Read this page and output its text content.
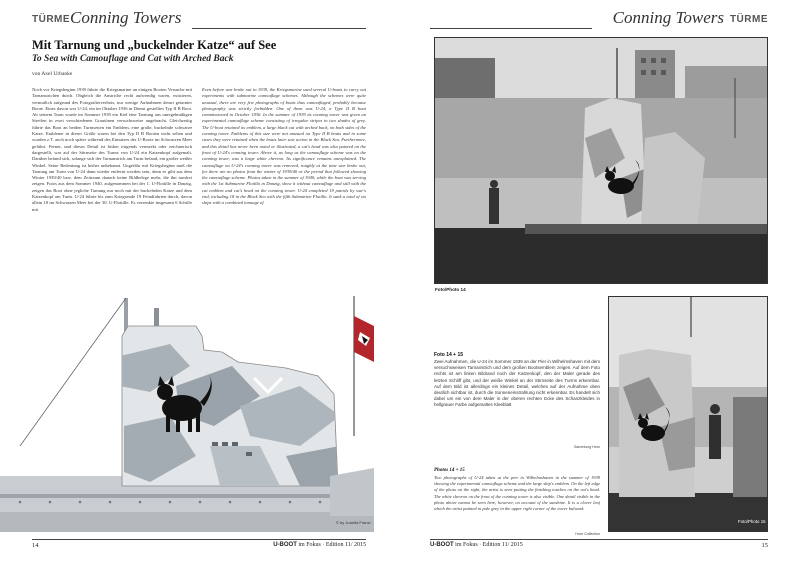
TÜRME Conning Towers	Conning Towers TÜRME
Mit Tarnung und „buckelnder Katze“ auf See
To Sea with Camouflage and Cat with Arched Back
von Axel Urbanke
Noch vor Kriegsbeginn 1939 führte die Kriegsmarine an einigen Booten Versuche mit Tarnanstrichen durch. Obgleich die Anstriche recht aufwendig waren, existieren, vermutlich aufgrund des Fotografierverbots, nur wenige Aufnahmen derart getarnter Boote. Eines davon war U-24, ein im Oktober 1936 in Dienst gestelltes Typ II B Boot. Ab seinem Turm wurde im Sommer 1939 ein Kiel eine Tarnung aus unregelmäßigen Streifen in zwei verschiedenen Grautönen versuchsweise angebracht. Gleichzeitig führte das Boot an beiden Turmseiten ein Emblem, eine große, buckelnde schwarze Katze. Embleme in dieser Größe waren bei den Typ II B Booten nicht selten und wurden z.T. auch noch später während des Einsatzes der U-Boote im Schwarzen Meer geführt. Ferner, und dieses Detail ist bisher nirgends vermerkt oder zeichnerisch dargestellt, war auf der Stirnseite des Turms von U-24 ein Katzenkopf aufgemalt. Darüber befand sich, solange sich der Tarnanstrich am Turm befand, ein großer weißer Winkel. Seine Bedeutung ist bisher unbekannt. Ungefähr mit Kriegsbeginn muß die Tarnung am Turm von U-24 dann wieder entfernt worden sein, denn es gibt aus dem Winter 1939/40 bzw. dem Zeitraum danach keine Bildbelege mehr, die ihn tarnfrei zeigen. Fotos aus dem Sommer 1940, aufgenommen bei der 1. U-Flottille in Danzig, zeigen das Boot ohne jegliche Tarnung nur noch mit der buckelnden Katze und dem Katzenkopf am Turm. U-24 führte bis zum Kriegsende 19 Feindfahrten durch, davon allein 18 im Schwarzen Meer bei der 30. U-Flottille. Es versenkte insgesamt 6 Schiffe mit
Even before war broke out in 1939, the Kriegsmarine used several U-boats to carry out experiments with submarine camouflage schemes. Although the schemes were quite unusual, there are very few photographs of boats thus camouflaged, probably because photography was strictly forbidden. One of them was U-24, a Type II B boat commissioned in October 1936. In the summer of 1939 its conning tower was given an experimental camouflage scheme consisting of irregular stripes in two shades of grey. The U-boat retained its emblem, a large black cat with arched back, on both sides of the conning tower. Emblems of this size were not unusual on Type II B boats and in some cases they were retained when the boats later saw action in the Black Sea. Furthermore, and this detail has never been noted or illustrated, a cat's head was also painted on the front of U-24's conning tower. Above it, as long as the camouflage scheme was on the conning tower, was a large white chevron. Its significance remains unexplained. The camouflage on U-24's conning tower was removed, roughly at the time war broke out, for there are no photos from the winter of 1939/40 or the period that followed showing the camouflage scheme. Photos taken in the summer of 1940, while the boat was serving with the 1st Submarine Flotilla in Danzig, show it without camouflage and still with the cat emblem and cat's head on the conning tower. U-24 completed 19 patrols by war's end, including 18 in the Black Sea with the fifth Submarine Flotilla. It sank a total of six ships with a combined tonnage of
© by Juanita Franzi
Foto/Photo 14
Foto/Photo 15
Foto 14 + 15
Zwei Aufnahmen, die U-24 im Sommer 1939 an der Pier in Wilhelmshaven mit dem versuchsweisen Tarnanstrich und dem großen Bootsemblem zeigen. Auf dem Foto rechts ist am linken Bildrand noch der Katzenkopf, den der Maler gerade des letzten Schliff gibt, und der weiße Winkel an der Stirnseite des Turms erkennbar. Auf dem Bild ist allerdings ein kleines Detail, welches auf der Aufnahme oben deutlich sichtbar ist, durch die Sonneneinstrahlung nicht erkennbar. Es handelt sich dabei um ein von dem Maler in der oberen rechten Ecke des Schanzkleides in hellgrauer Farbe aufgemaltes Kleeblatt
Sammlung Horn
Photos 14 + 15
Two photographs of U-24 taken at the pier in Wilhelmshaven in the summer of 1939 showing the experimental camouflage scheme and the large ship's emblem. On the left edge of the photo on the right, the artist is seen putting the finishing touches on the cat's head. The white chevron on the front of the conning tower is also visible. One detail visible in the photo above cannot be seen here, however, on account of the sunshine. It is a clover leaf which the artist painted in pale grey in the upper right corner of the tower bulwark.
Horn Collection
14	U-BOOT im Fokus · Edition 11/ 2015	U-BOOT im Fokus · Edition 11/ 2015	15
